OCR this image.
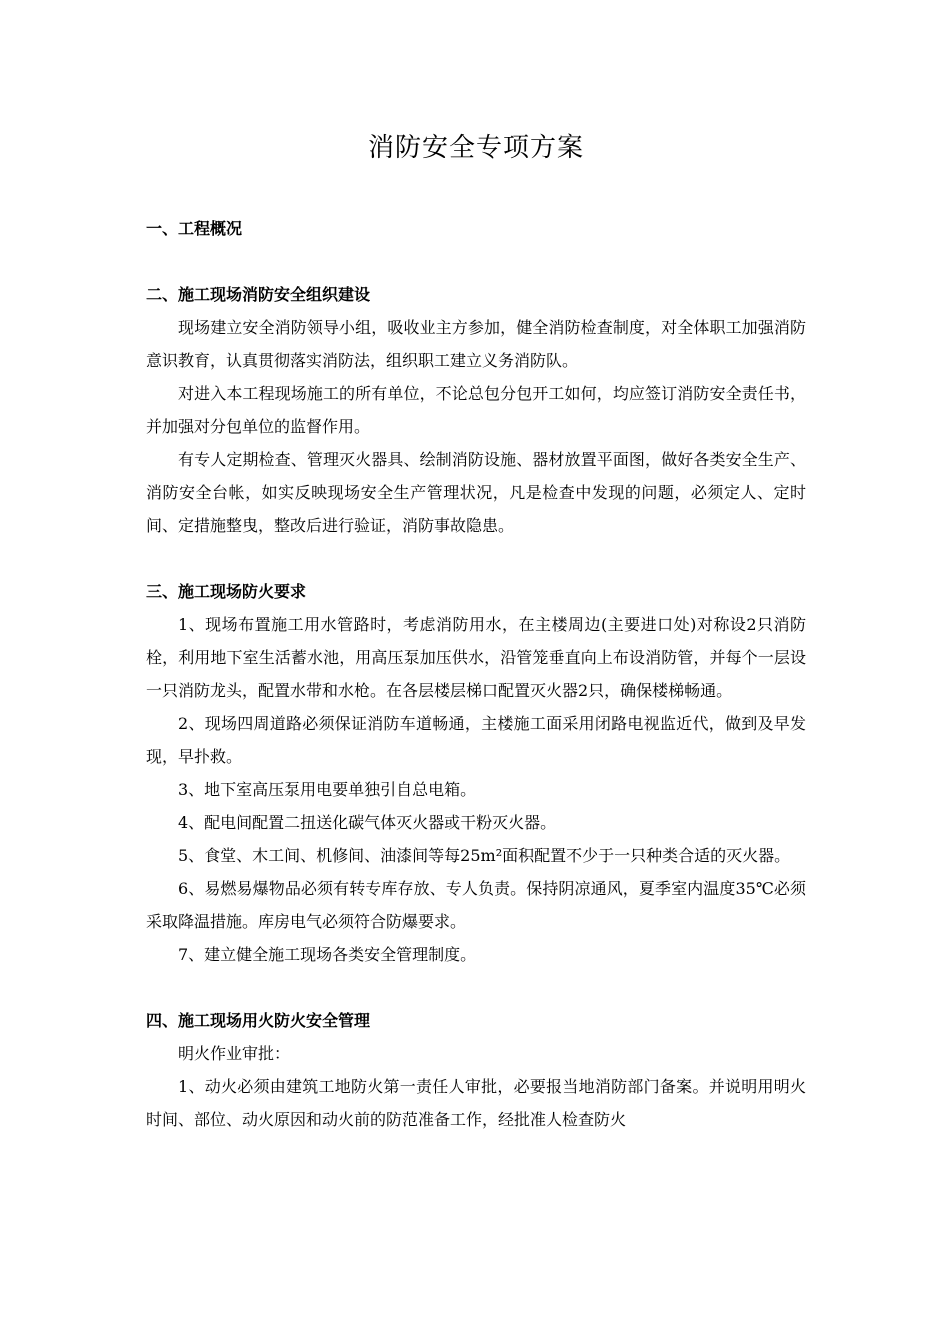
消防安全专项方案
一、工程概况
二、施工现场消防安全组织建设

现场建立安全消防领导小组，吸收业主方参加，健全消防检查制度，对全体职工加强消防意识教育，认真贯彻落实消防法，组织职工建立义务消防队。

对进入本工程现场施工的所有单位，不论总包分包开工如何，均应签订消防安全责任书，并加强对分包单位的监督作用。

有专人定期检查、管理灭火器具、绘制消防设施、器材放置平面图，做好各类安全生产、消防安全台帐，如实反映现场安全生产管理状况，凡是检查中发现的问题，必须定人、定时间、定措施整曳，整改后进行验证，消防事故隐患。

三、施工现场防火要求

1、现场布置施工用水管路时，考虑消防用水，在主楼周边(主要进口处)对称设2只消防栓，利用地下室生活蓄水池，用高压泵加压供水，沿管笼垂直向上布设消防管，并每个一层设一只消防龙头，配置水带和水枪。在各层楼层梯口配置灭火器2只，确保楼梯畅通。

2、现场四周道路必须保证消防车道畅通，主楼施工面采用闭路电视监近代，做到及早发现，早扑救。

3、地下室高压泵用电要单独引自总电箱。

4、配电间配置二扭送化碳气体灭火器或干粉灭火器。

5、食堂、木工间、机修间、油漆间等每25m²面积配置不少于一只种类合适的灭火器。

6、易燃易爆物品必须有转专库存放、专人负责。保持阴凉通风，夏季室内温度35℃必须采取降温措施。库房电气必须符合防爆要求。

7、建立健全施工现场各类安全管理制度。

四、施工现场用火防火安全管理

明火作业审批：

1、动火必须由建筑工地防火第一责任人审批，必要报当地消防部门备案。并说明用明火时间、部位、动火原因和动火前的防范准备工作，经批准人检查防火
